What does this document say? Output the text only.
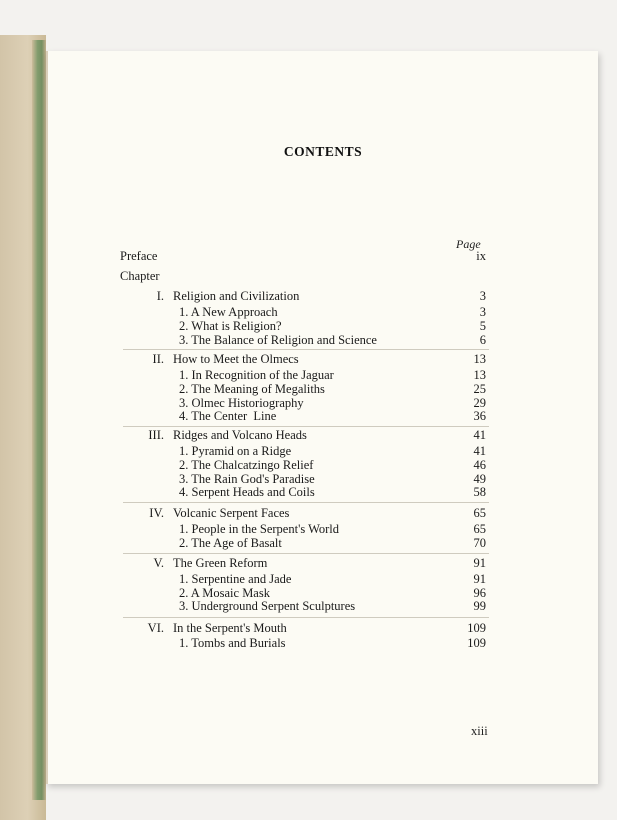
CONTENTS
Page
Preface	ix
Chapter
I. Religion and Civilization	3
1. A New Approach	3
2. What is Religion?	5
3. The Balance of Religion and Science	6
II. How to Meet the Olmecs	13
1. In Recognition of the Jaguar	13
2. The Meaning of Megaliths	25
3. Olmec Historiography	29
4. The Center  Line	36
III. Ridges and Volcano Heads	41
1. Pyramid on a Ridge	41
2. The Chalcatzingo Relief	46
3. The Rain God's Paradise	49
4. Serpent Heads and Coils	58
IV. Volcanic Serpent Faces	65
1. People in the Serpent's World	65
2. The Age of Basalt	70
V. The Green Reform	91
1. Serpentine and Jade	91
2. A Mosaic Mask	96
3. Underground Serpent Sculptures	99
VI. In the Serpent's Mouth	109
1. Tombs and Burials	109
xiii
